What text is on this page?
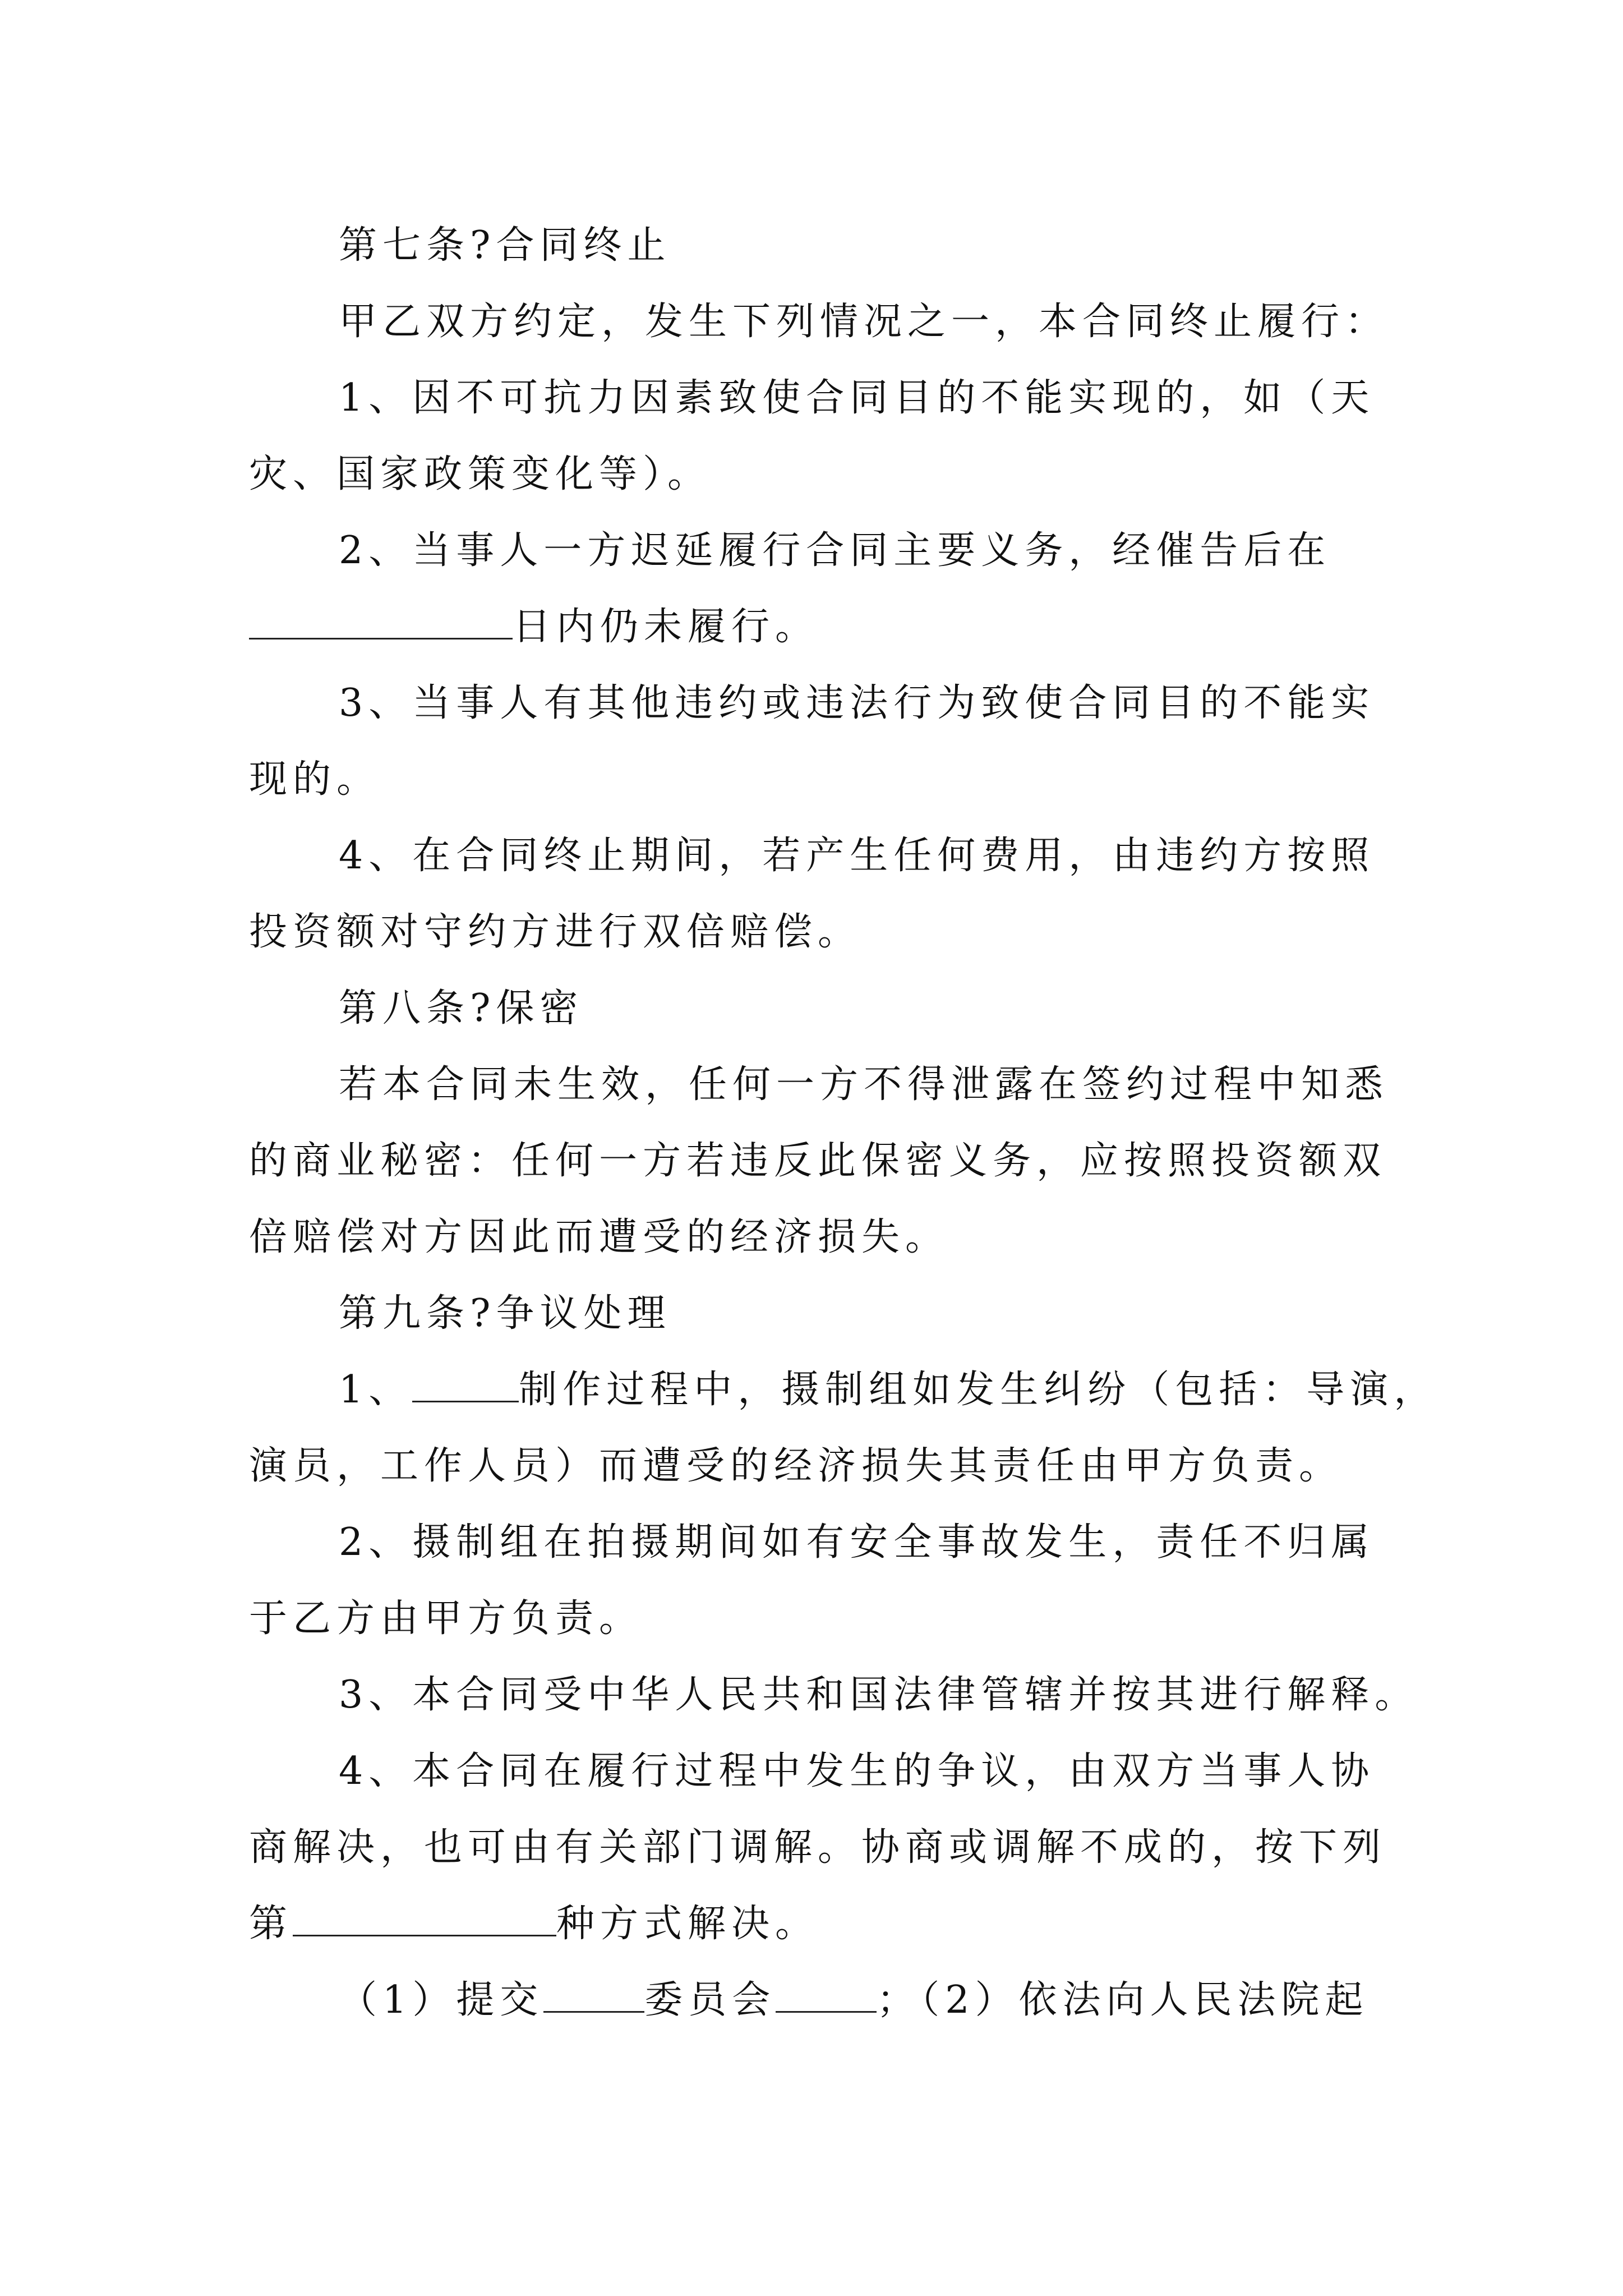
第七条?合同终止
甲乙双方约定，发生下列情况之一，本合同终止履行：
1、因不可抗力因素致使合同目的不能实现的，如（天
灾、国家政策变化等）。
2、当事人一方迟延履行合同主要义务，经催告后在
日内仍未履行。
3、当事人有其他违约或违法行为致使合同目的不能实
现的。
4、在合同终止期间，若产生任何费用，由违约方按照
投资额对守约方进行双倍赔偿。
第八条?保密
若本合同未生效，任何一方不得泄露在签约过程中知悉
的商业秘密：任何一方若违反此保密义务，应按照投资额双
倍赔偿对方因此而遭受的经济损失。
第九条?争议处理
1、	制作过程中，摄制组如发生纠纷（包括：导演，
演员，工作人员）而遭受的经济损失其责任由甲方负责。
2、摄制组在拍摄期间如有安全事故发生，责任不归属
于乙方由甲方负责。
3、本合同受中华人民共和国法律管辖并按其进行解释。
4、本合同在履行过程中发生的争议，由双方当事人协
商解决，也可由有关部门调解。协商或调解不成的，按下列
第	种方式解决。
（1）提交	委员会	；（2）依法向人民法院起
